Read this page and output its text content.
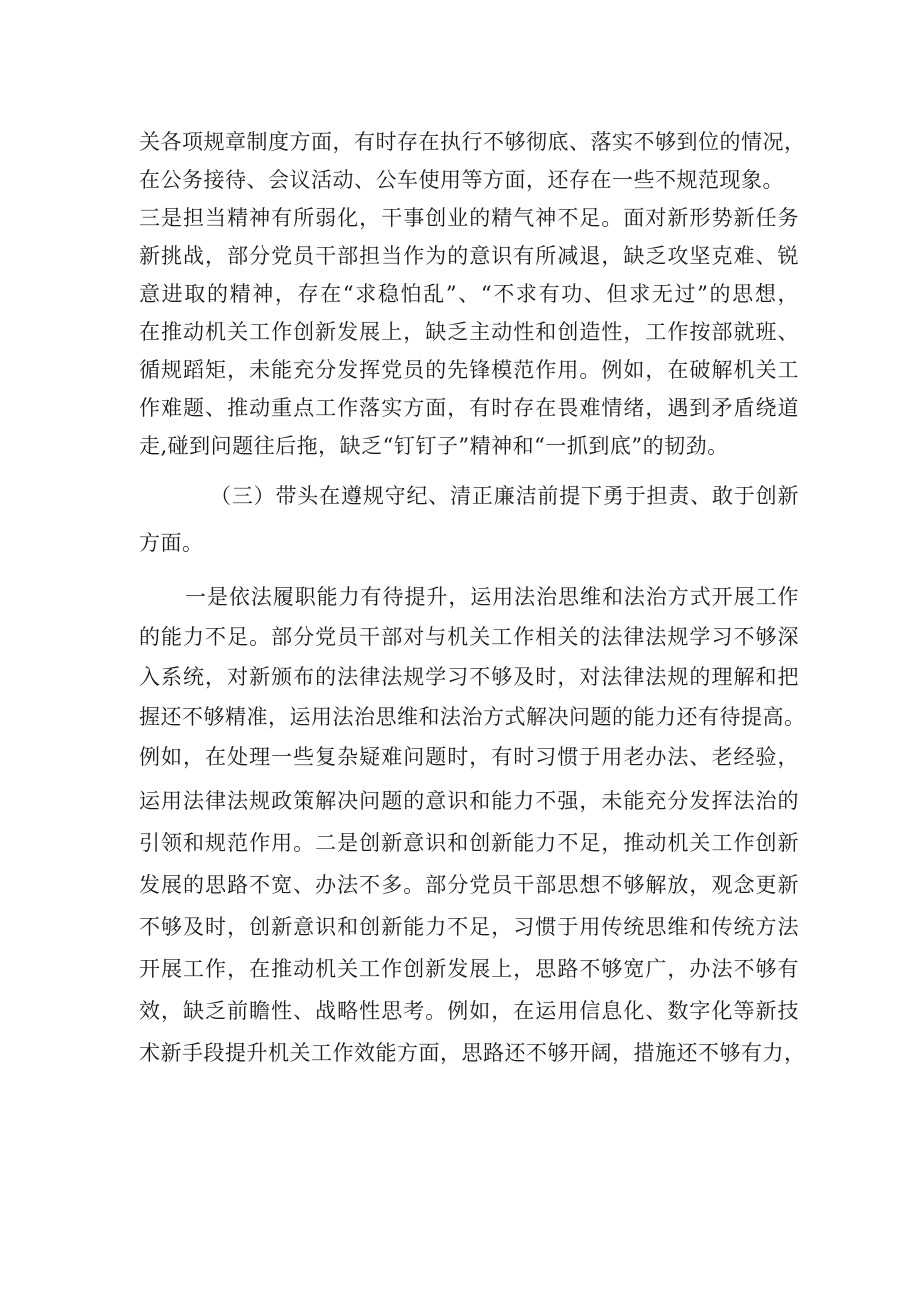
关各项规章制度方面，有时存在执行不够彻底、落实不够到位的情况，
在公务接待、会议活动、公车使用等方面，还存在一些不规范现象。
三是担当精神有所弱化，干事创业的精气神不足。面对新形势新任务
新挑战，部分党员干部担当作为的意识有所减退，缺乏攻坚克难、锐
意进取的精神，存在“求稳怕乱”、“不求有功、但求无过”的思想，
在推动机关工作创新发展上，缺乏主动性和创造性，工作按部就班、
循规蹈矩，未能充分发挥党员的先锋模范作用。例如，在破解机关工
作难题、推动重点工作落实方面，有时存在畏难情绪，遇到矛盾绕道
走,碰到问题往后拖，缺乏“钉钉子”精神和“一抓到底”的韧劲。
（三）带头在遵规守纪、清正廉洁前提下勇于担责、敢于创新
方面。
一是依法履职能力有待提升，运用法治思维和法治方式开展工作
的能力不足。部分党员干部对与机关工作相关的法律法规学习不够深
入系统，对新颁布的法律法规学习不够及时，对法律法规的理解和把
握还不够精准，运用法治思维和法治方式解决问题的能力还有待提高。
例如，在处理一些复杂疑难问题时，有时习惯于用老办法、老经验，
运用法律法规政策解决问题的意识和能力不强，未能充分发挥法治的
引领和规范作用。二是创新意识和创新能力不足，推动机关工作创新
发展的思路不宽、办法不多。部分党员干部思想不够解放，观念更新
不够及时，创新意识和创新能力不足，习惯于用传统思维和传统方法
开展工作，在推动机关工作创新发展上，思路不够宽广，办法不够有
效，缺乏前瞻性、战略性思考。例如，在运用信息化、数字化等新技
术新手段提升机关工作效能方面，思路还不够开阔，措施还不够有力，
